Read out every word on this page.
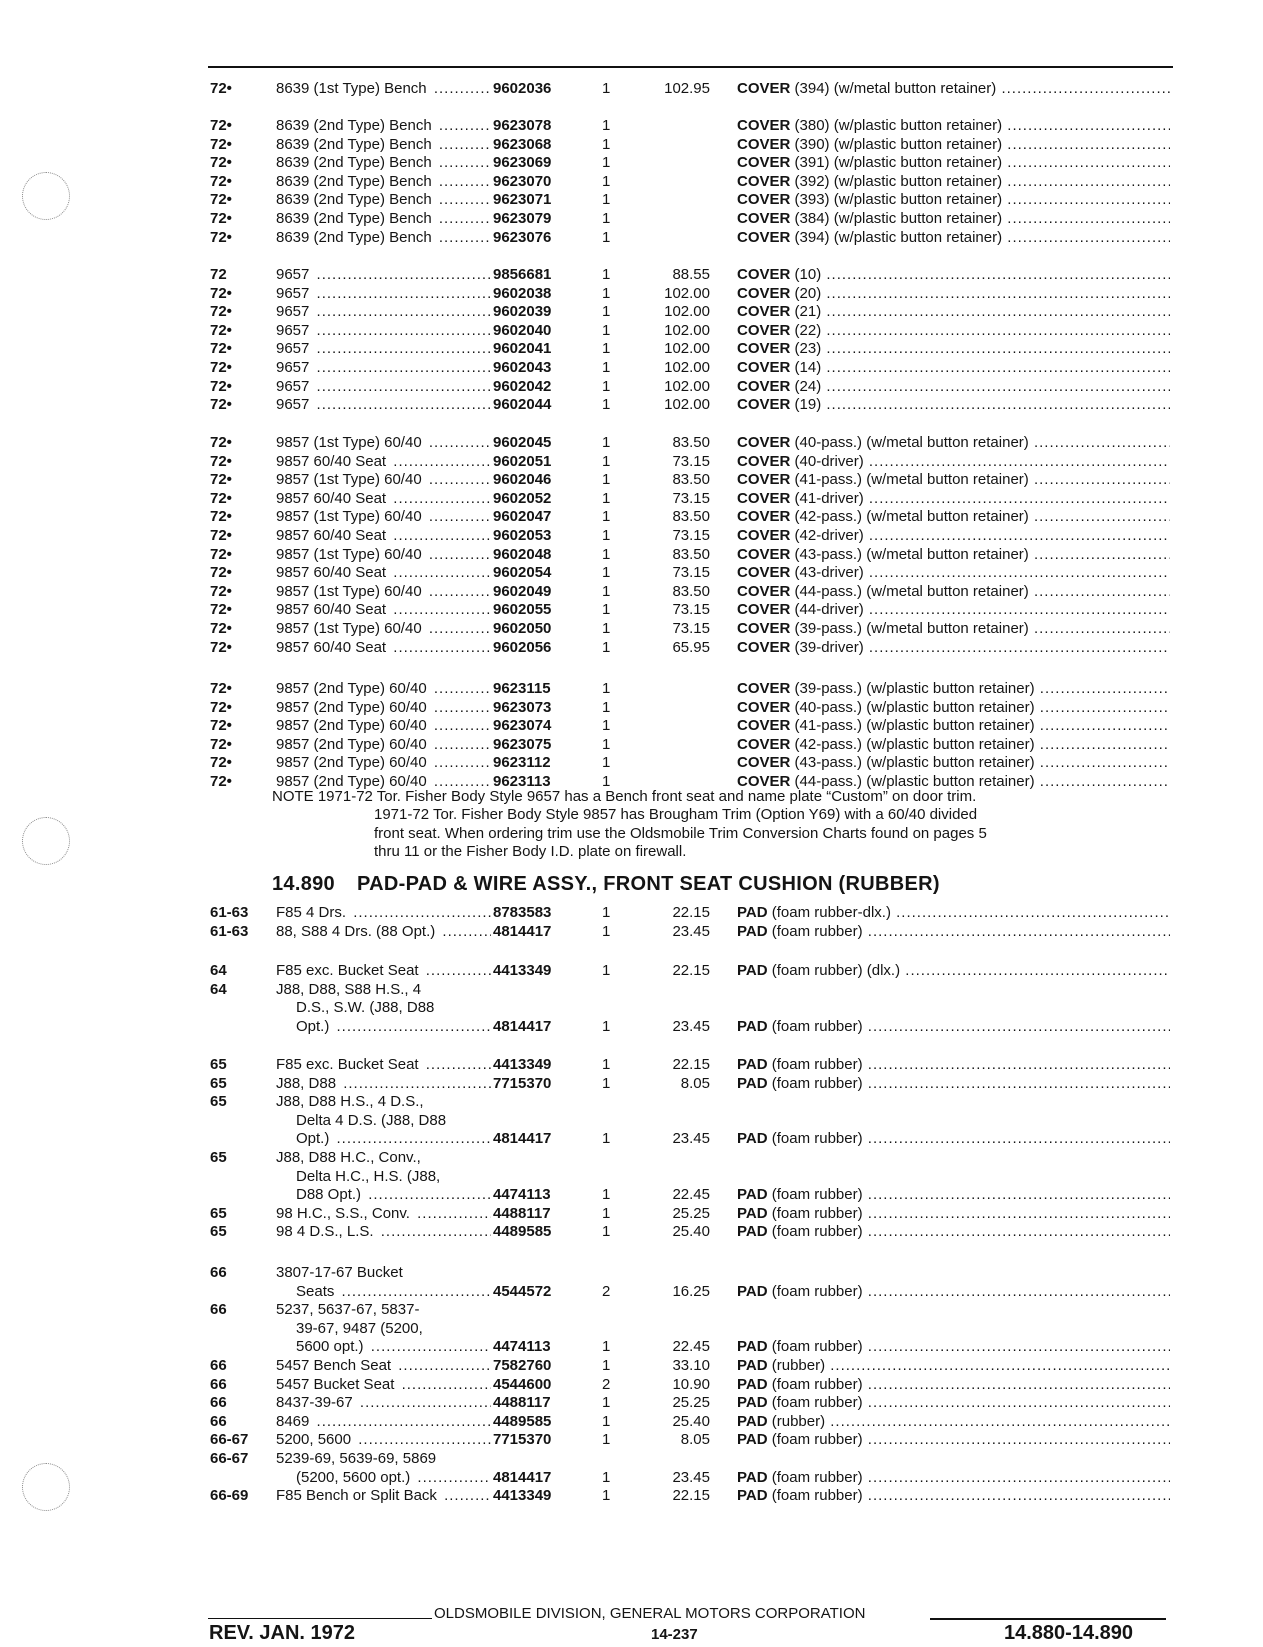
72•	8639 (1st Type) Bench .....	9602036	1	102.95 COVER (394) (w/metal button retainer) .....
72•	8639 (2nd Type) Bench .....	9623078	1	COVER (380) (w/plastic button retainer) .....
72•	8639 (2nd Type) Bench .....	9623068	1	COVER (390) (w/plastic button retainer) .....
72•	8639 (2nd Type) Bench .....	9623069	1	COVER (391) (w/plastic button retainer) .....
72•	8639 (2nd Type) Bench .....	9623070	1	COVER (392) (w/plastic button retainer) .....
72•	8639 (2nd Type) Bench .....	9623071	1	COVER (393) (w/plastic button retainer) .....
72•	8639 (2nd Type) Bench .....	9623079	1	COVER (384) (w/plastic button retainer) .....
72•	8639 (2nd Type) Bench .....	9623076	1	COVER (394) (w/plastic button retainer) .....
72	9657 .....	9856681	1	88.55 COVER (10) .....
72•	9657 .....	9602038	1	102.00 COVER (20) .....
72•	9657 .....	9602039	1	102.00 COVER (21) .....
72•	9657 .....	9602040	1	102.00 COVER (22) .....
72•	9657 .....	9602041	1	102.00 COVER (23) .....
72•	9657 .....	9602043	1	102.00 COVER (14) .....
72•	9657 .....	9602042	1	102.00 COVER (24) .....
72•	9657 .....	9602044	1	102.00 COVER (19) .....
72•	9857 (1st Type) 60/40 .....	9602045	1	83.50 COVER (40-pass.) (w/metal button retainer) .....
72•	9857 60/40 Seat .....	9602051	1	73.15 COVER (40-driver) .....
72•	9857 (1st Type) 60/40 .....	9602046	1	83.50 COVER (41-pass.) (w/metal button retainer) .....
72•	9857 60/40 Seat .....	9602052	1	73.15 COVER (41-driver) .....
72•	9857 (1st Type) 60/40 .....	9602047	1	83.50 COVER (42-pass.) (w/metal button retainer) .....
72•	9857 60/40 Seat .....	9602053	1	73.15 COVER (42-driver) .....
72•	9857 (1st Type) 60/40 .....	9602048	1	83.50 COVER (43-pass.) (w/metal button retainer) .....
72•	9857 60/40 Seat .....	9602054	1	73.15 COVER (43-driver) .....
72•	9857 (1st Type) 60/40 .....	9602049	1	83.50 COVER (44-pass.) (w/metal button retainer) .....
72•	9857 60/40 Seat .....	9602055	1	73.15 COVER (44-driver) .....
72•	9857 (1st Type) 60/40 .....	9602050	1	73.15 COVER (39-pass.) (w/metal button retainer) .....
72•	9857 60/40 Seat .....	9602056	1	65.95 COVER (39-driver) .....
72•	9857 (2nd Type) 60/40 .....	9623115	1	COVER (39-pass.) (w/plastic button retainer) .....
72•	9857 (2nd Type) 60/40 .....	9623073	1	COVER (40-pass.) (w/plastic button retainer) .....
72•	9857 (2nd Type) 60/40 .....	9623074	1	COVER (41-pass.) (w/plastic button retainer) .....
72•	9857 (2nd Type) 60/40 .....	9623075	1	COVER (42-pass.) (w/plastic button retainer) .....
72•	9857 (2nd Type) 60/40 .....	9623112	1	COVER (43-pass.) (w/plastic button retainer) .....
72•	9857 (2nd Type) 60/40 .....	9623113	1	COVER (44-pass.) (w/plastic button retainer) .....
NOTE 1971-72 Tor. Fisher Body Style 9657 has a Bench front seat and name plate “Custom” on door trim.
1971-72 Tor. Fisher Body Style 9857 has Brougham Trim (Option Y69) with a 60/40 divided
front seat. When ordering trim use the Oldsmobile Trim Conversion Charts found on pages 5
thru 11 or the Fisher Body I.D. plate on firewall.
14.890 PAD-PAD & WIRE ASSY., FRONT SEAT CUSHION (RUBBER)
61-63 F85 4 Drs. .....	8783583	1	22.15 PAD (foam rubber-dlx.) .....
61-63 88, S88 4 Drs. (88 Opt.) .....	4814417	1	23.45 PAD (foam rubber) .....
64	F85 exc. Bucket Seat .....	4413349	1	22.15 PAD (foam rubber) (dlx.) .....
64	J88, D88, S88 H.S., 4
D.S., S.W. (J88, D88
Opt.) .....	4814417	1	23.45 PAD (foam rubber) .....
65	F85 exc. Bucket Seat .....	4413349	1	22.15 PAD (foam rubber) .....
65	J88, D88 .....	7715370	1	8.05 PAD (foam rubber) .....
65	J88, D88 H.S., 4 D.S.,
Delta 4 D.S. (J88, D88
Opt.) .....	4814417	1	23.45 PAD (foam rubber) .....
65	J88, D88 H.C., Conv.,
Delta H.C., H.S. (J88,
D88 Opt.) .....	4474113	1	22.45 PAD (foam rubber) .....
65	98 H.C., S.S., Conv. .....	4488117	1	25.25 PAD (foam rubber) .....
65	98 4 D.S., L.S. .....	4489585	1	25.40 PAD (foam rubber) .....
66	3807-17-67 Bucket
Seats .....	4544572	2	16.25 PAD (foam rubber) .....
66	5237, 5637-67, 5837-
39-67, 9487 (5200,
5600 opt.) .....	4474113	1	22.45 PAD (foam rubber) .....
66	5457 Bench Seat .....	7582760	1	33.10 PAD (rubber) .....
66	5457 Bucket Seat .....	4544600	2	10.90 PAD (foam rubber) .....
66	8437-39-67 .....	4488117	1	25.25 PAD (foam rubber) .....
66	8469 .....	4489585	1	25.40 PAD (rubber) .....
66-67 5200, 5600 .....	7715370	1	8.05 PAD (foam rubber) .....
66-67 5239-69, 5639-69, 5869
(5200, 5600 opt.) .....	4814417	1	23.45 PAD (foam rubber) .....
66-69 F85 Bench or Split Back .....	4413349	1	22.15 PAD (foam rubber) .....
OLDSMOBILE DIVISION, GENERAL MOTORS CORPORATION
REV. JAN. 1972	14-237	14.880-14.890
